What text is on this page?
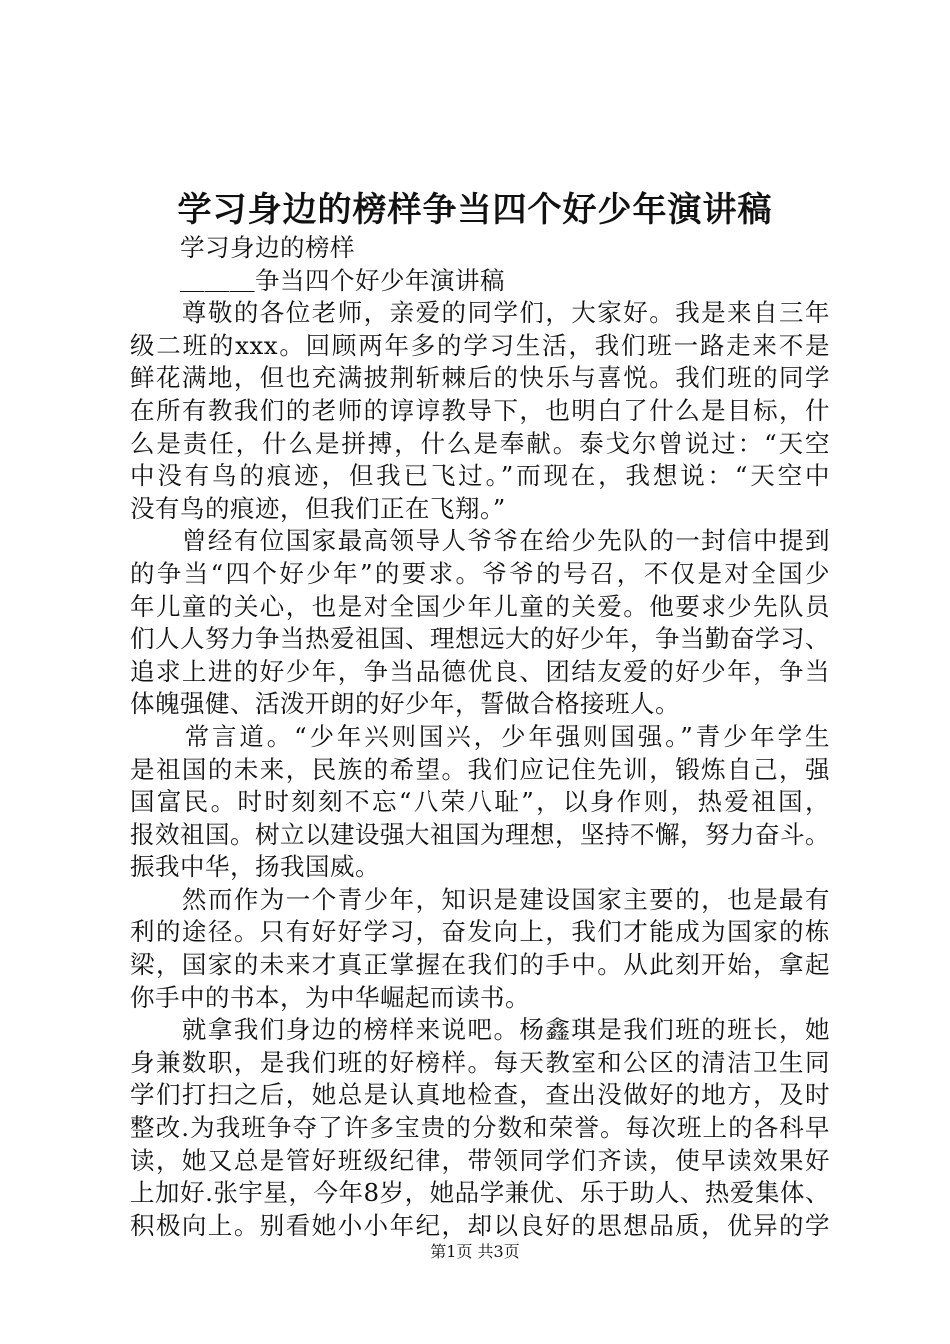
学习身边的榜样争当四个好少年演讲稿
　　学习身边的榜样
　　＿＿＿争当四个好少年演讲稿
　　尊敬的各位老师，亲爱的同学们，大家好。我是来自三年
级二班的xxx。回顾两年多的学习生活，我们班一路走来不是
鲜花满地，但也充满披荆斩棘后的快乐与喜悦。我们班的同学
在所有教我们的老师的谆谆教导下，也明白了什么是目标，什
么是责任，什么是拼搏，什么是奉献。泰戈尔曾说过：“天空
中没有鸟的痕迹，但我已飞过。”而现在，我想说：“天空中
没有鸟的痕迹，但我们正在飞翔。”
　　曾经有位国家最高领导人爷爷在给少先队的一封信中提到
的争当“四个好少年”的要求。爷爷的号召，不仅是对全国少
年儿童的关心，也是对全国少年儿童的关爱。他要求少先队员
们人人努力争当热爱祖国、理想远大的好少年，争当勤奋学习、
追求上进的好少年，争当品德优良、团结友爱的好少年，争当
体魄强健、活泼开朗的好少年，誓做合格接班人。
　　常言道。“少年兴则国兴，少年强则国强。”青少年学生
是祖国的未来，民族的希望。我们应记住先训，锻炼自己，强
国富民。时时刻刻不忘“八荣八耻”，以身作则，热爱祖国，
报效祖国。树立以建设强大祖国为理想，坚持不懈，努力奋斗。
振我中华，扬我国威。
　　然而作为一个青少年，知识是建设国家主要的，也是最有
利的途径。只有好好学习，奋发向上，我们才能成为国家的栋
梁，国家的未来才真正掌握在我们的手中。从此刻开始，拿起
你手中的书本，为中华崛起而读书。
　　就拿我们身边的榜样来说吧。杨鑫琪是我们班的班长，她
身兼数职，是我们班的好榜样。每天教室和公区的清洁卫生同
学们打扫之后，她总是认真地检查，查出没做好的地方，及时
整改.为我班争夺了许多宝贵的分数和荣誉。每次班上的各科早
读，她又总是管好班级纪律，带领同学们齐读，使早读效果好
上加好.张宇星，今年8岁，她品学兼优、乐于助人、热爱集体、
积极向上。别看她小小年纪，却以良好的思想品质，优异的学
第1页 共3页
